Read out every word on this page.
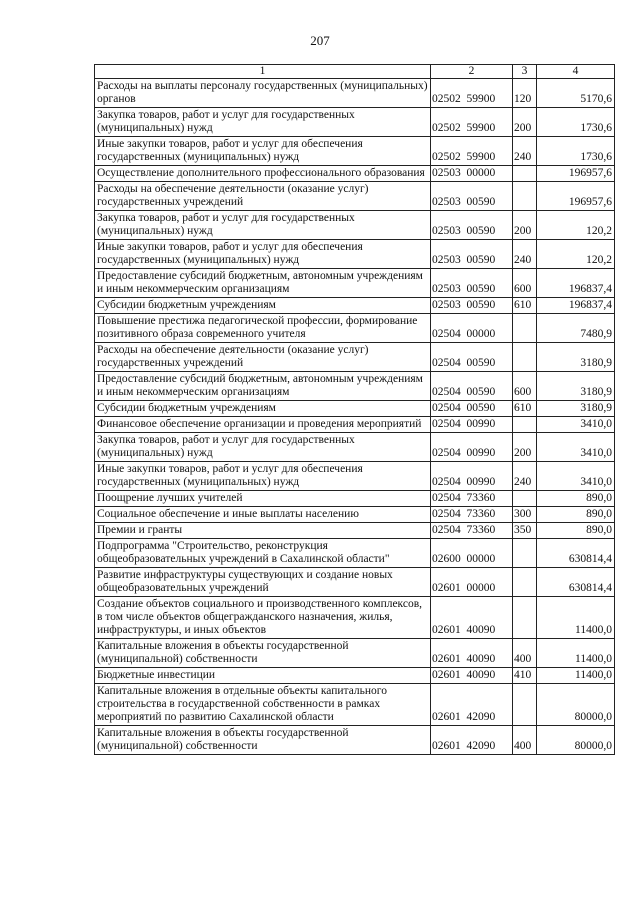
207
1	2	3	4
Расходы на выплаты персоналу государственных (муниципальных) органов	02502  59900	120	5170,6
Закупка товаров, работ и услуг для государственных (муниципальных) нужд	02502  59900	200	1730,6
Иные закупки товаров, работ и услуг для обеспечения государственных (муниципальных) нужд	02502  59900	240	1730,6
Осуществление дополнительного профессионального образования	02503  00000		196957,6
Расходы на обеспечение деятельности (оказание услуг) государственных учреждений	02503  00590		196957,6
Закупка товаров, работ и услуг для государственных (муниципальных) нужд	02503  00590	200	120,2
Иные закупки товаров, работ и услуг для обеспечения государственных (муниципальных) нужд	02503  00590	240	120,2
Предоставление субсидий бюджетным, автономным учреждениям и иным некоммерческим организациям	02503  00590	600	196837,4
Субсидии бюджетным учреждениям	02503  00590	610	196837,4
Повышение престижа педагогической профессии, формирование позитивного образа современного учителя	02504  00000		7480,9
Расходы на обеспечение деятельности (оказание услуг) государственных учреждений	02504  00590		3180,9
Предоставление субсидий бюджетным, автономным учреждениям и иным некоммерческим организациям	02504  00590	600	3180,9
Субсидии бюджетным учреждениям	02504  00590	610	3180,9
Финансовое обеспечение организации и проведения мероприятий	02504  00990		3410,0
Закупка товаров, работ и услуг для государственных (муниципальных) нужд	02504  00990	200	3410,0
Иные закупки товаров, работ и услуг для обеспечения государственных (муниципальных) нужд	02504  00990	240	3410,0
Поощрение лучших учителей	02504  73360		890,0
Социальное обеспечение и иные выплаты населению	02504  73360	300	890,0
Премии и гранты	02504  73360	350	890,0
Подпрограмма "Строительство, реконструкция общеобразовательных учреждений в Сахалинской области"	02600  00000		630814,4
Развитие инфраструктуры существующих и создание новых общеобразовательных учреждений	02601  00000		630814,4
Создание объектов социального и производственного комплексов, в том числе объектов общегражданского назначения, жилья, инфраструктуры, и иных объектов	02601  40090		11400,0
Капитальные вложения в объекты государственной (муниципальной) собственности	02601  40090	400	11400,0
Бюджетные инвестиции	02601  40090	410	11400,0
Капитальные вложения в отдельные объекты капитального строительства в государственной собственности в рамках мероприятий по развитию Сахалинской области	02601  42090		80000,0
Капитальные вложения в объекты государственной (муниципальной) собственности	02601  42090	400	80000,0
